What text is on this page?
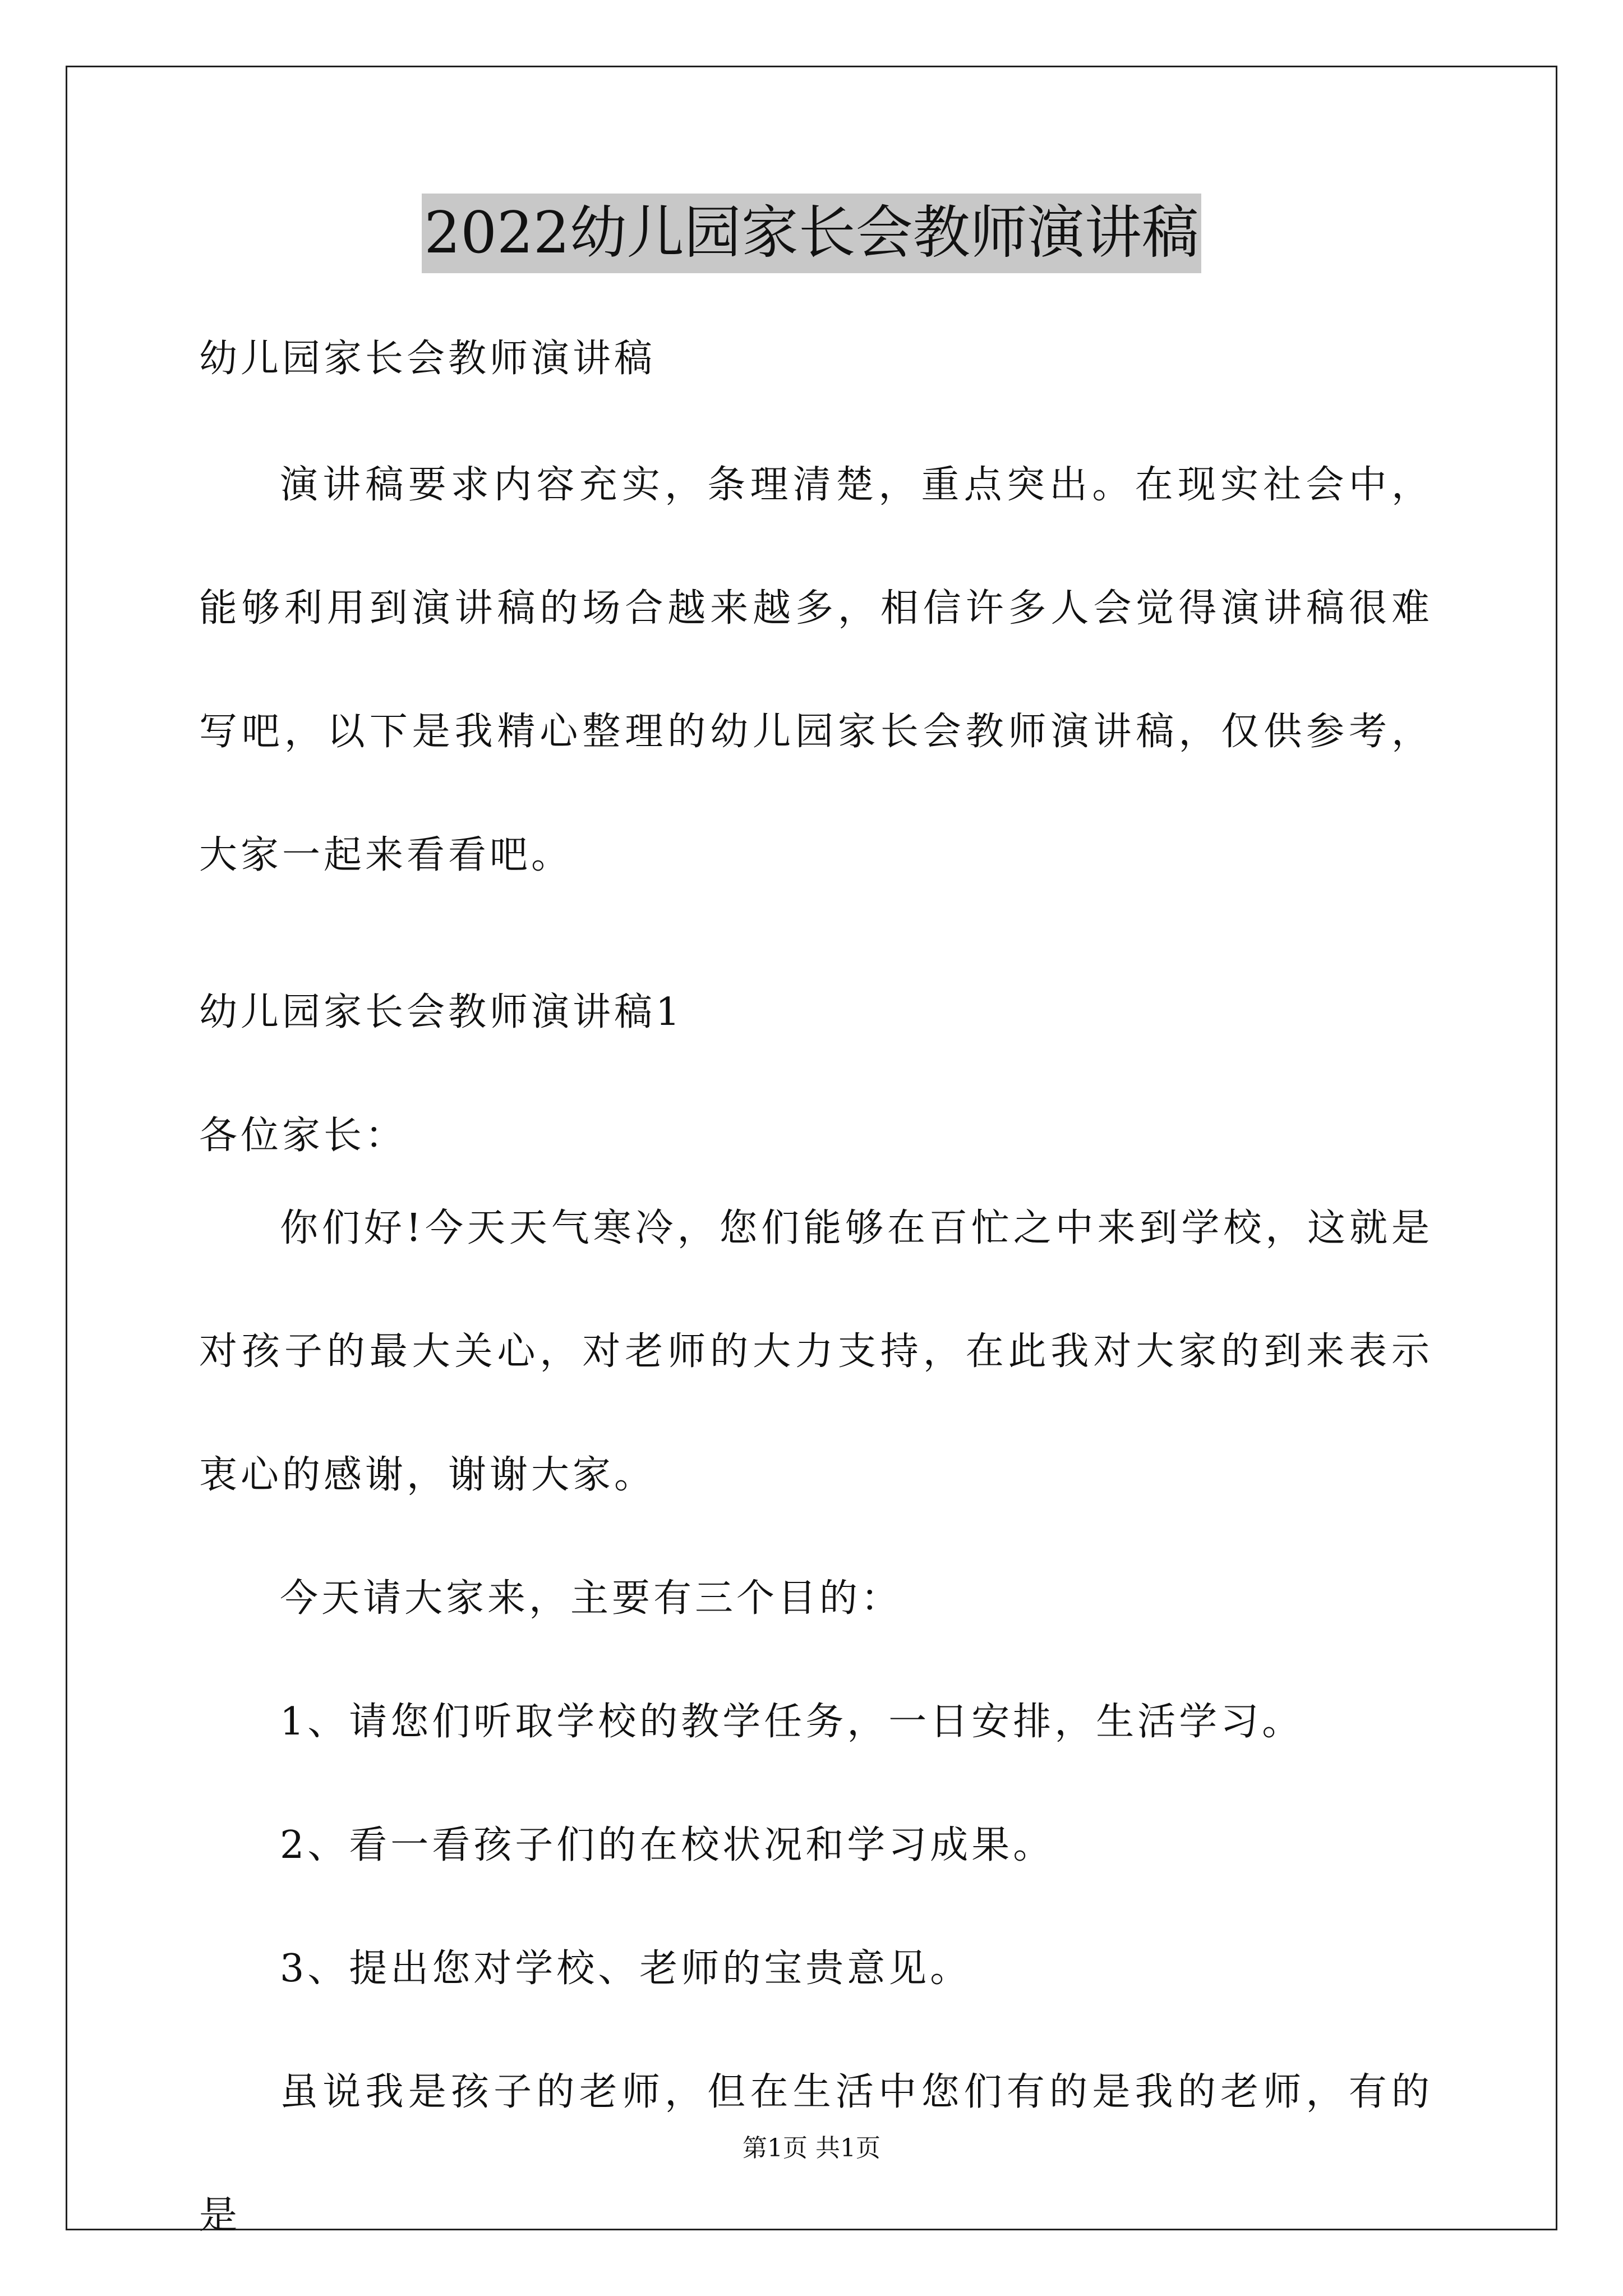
2022幼儿园家长会教师演讲稿

幼儿园家长会教师演讲稿

演讲稿要求内容充实，条理清楚，重点突出。在现实社会中，能够利用到演讲稿的场合越来越多，相信许多人会觉得演讲稿很难写吧，以下是我精心整理的幼儿园家长会教师演讲稿，仅供参考，大家一起来看看吧。

幼儿园家长会教师演讲稿1

各位家长：

你们好!今天天气寒冷，您们能够在百忙之中来到学校，这就是对孩子的最大关心，对老师的大力支持，在此我对大家的到来表示衷心的感谢，谢谢大家。

今天请大家来，主要有三个目的：

1、请您们听取学校的教学任务，一日安排，生活学习。

2、看一看孩子们的在校状况和学习成果。

3、提出您对学校、老师的宝贵意见。

虽说我是孩子的老师，但在生活中您们有的是我的老师，有的是

第1页 共1页
